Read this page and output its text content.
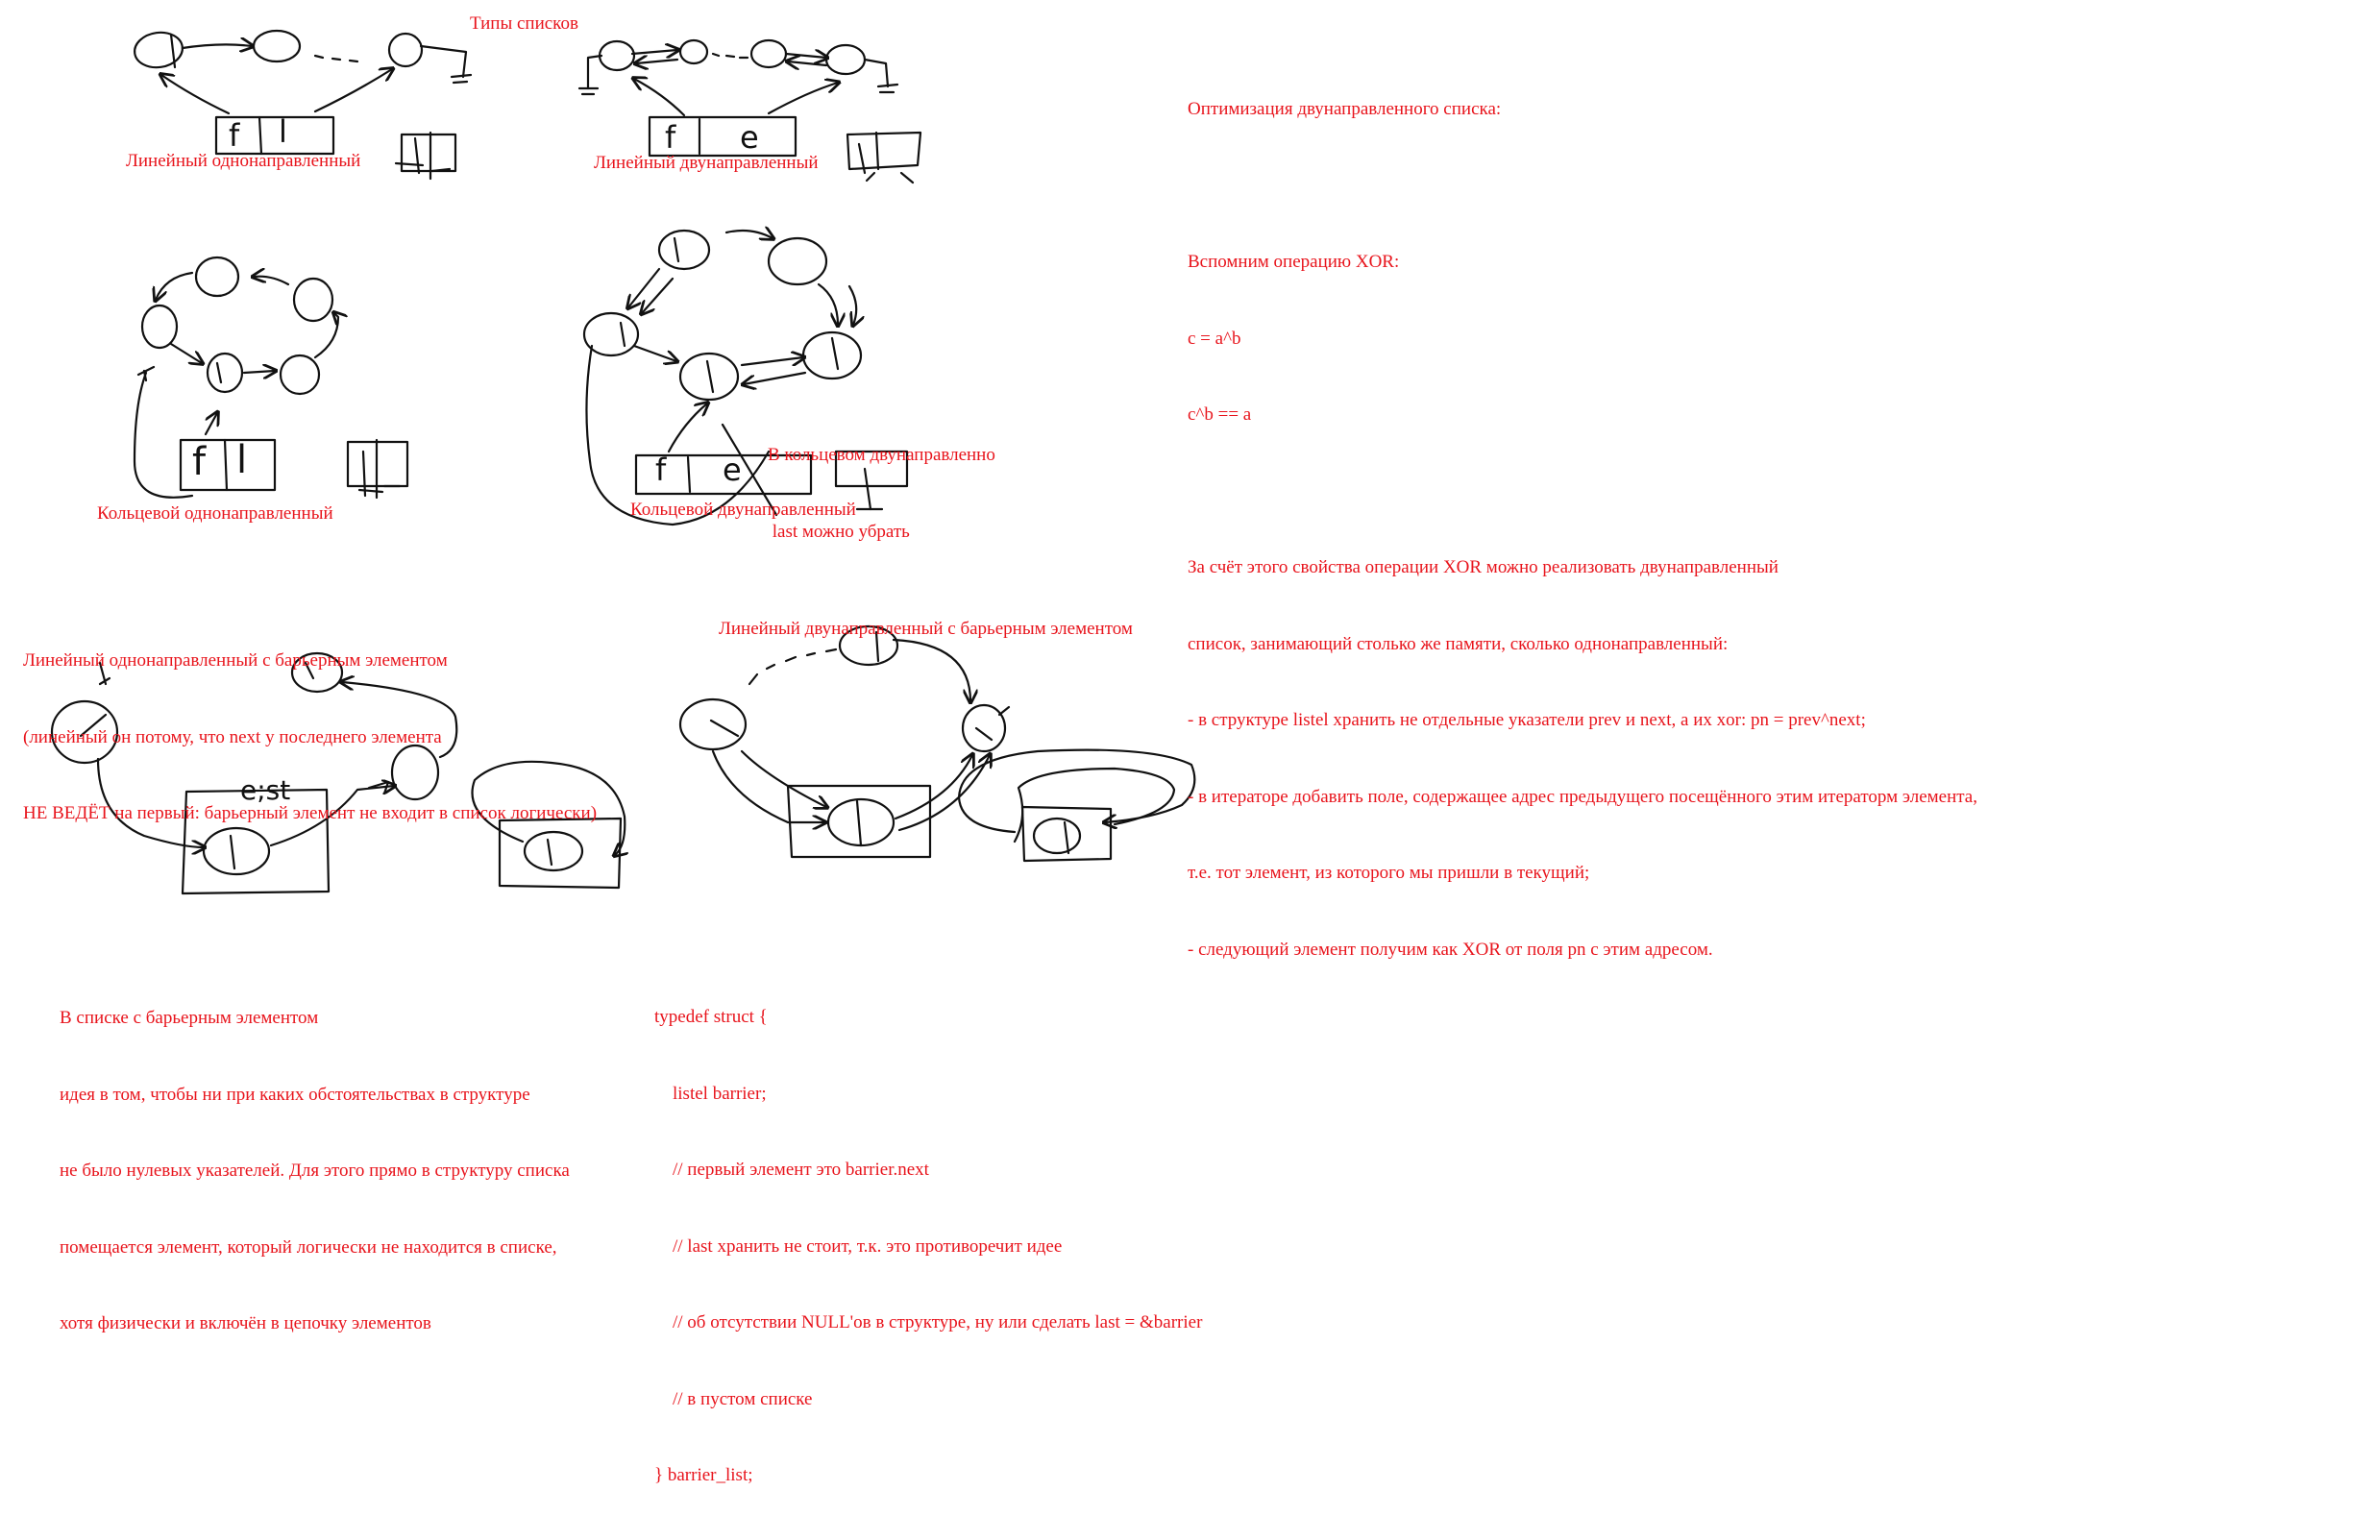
f l	f e
f l	f e
e;st
Типы списков
Линейный однонаправленный	Линейный двунаправленный
Кольцевой однонаправленный	Кольцевой двунаправленный

В кольцевом двунаправленно

last можно убрать

Линейный однонаправленный с барьерным элементом

(линейный он потому, что next у последнего элемента

НЕ ВЕДЁТ на первый: барьерный элемент не входит в список логически)

Линейный двунаправленный с барьерным элементом

Оптимизация двунаправленного списка:

Вспомним операцию XOR:

c = a^b

c^b == a

За счёт этого свойства операции XOR можно реализовать двунаправленный

список, занимающий столько же памяти, сколько однонаправленный:

- в структуре listel хранить не отдельные указатели prev и next, а их xor: pn = prev^next;

- в итераторе добавить поле, содержащее адрес предыдущего посещённого этим итераторм элемента,

т.е. тот элемент, из которого мы пришли в текущий;

- следующий элемент получим как XOR от поля pn с этим адресом.

В списке с барьерным элементом

идея в том, чтобы ни при каких обстоятельствах в структуре

не было нулевых указателей. Для этого прямо в структуру списка

помещается элемент, который логически не находится в списке,

хотя физически и включён в цепочку элементов

typedef struct {

listel barrier;

// первый элемент это barrier.next

// last хранить не стоит, т.к. это противоречит идее

// об отсутствии NULL'ов в структуре, ну или сделать last = &barrier

// в пустом списке

} barrier_list;
